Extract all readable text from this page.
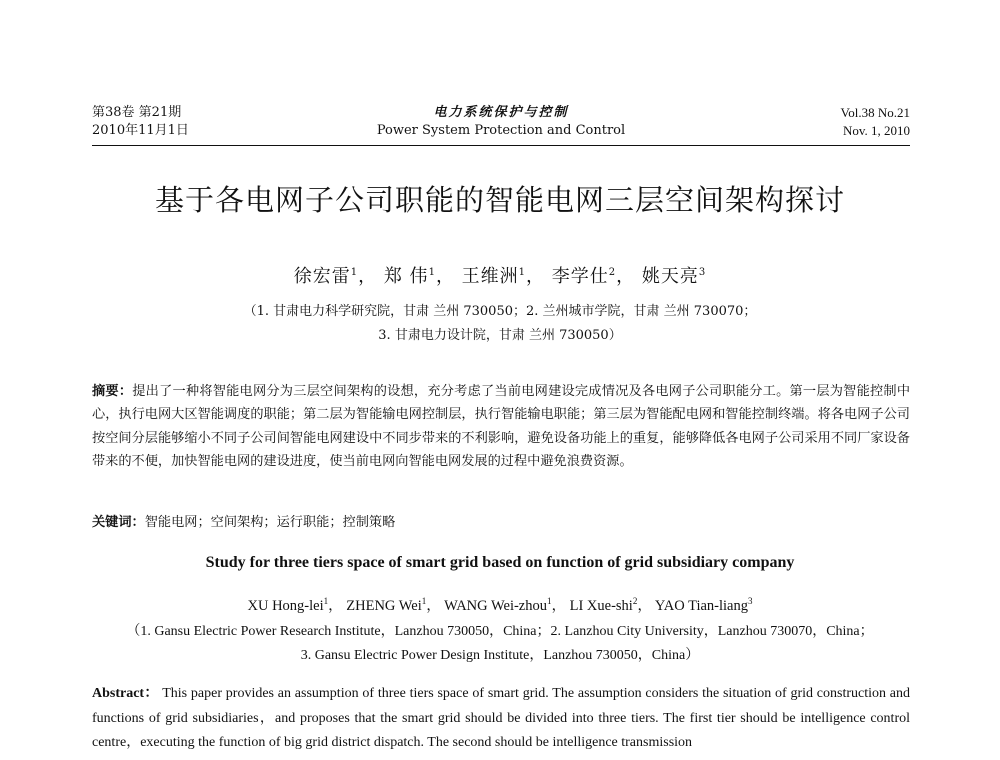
第38卷 第21期
2010年11月1日
电力系统保护与控制
Power System Protection and Control
Vol.38 No.21
Nov. 1, 2010
基于各电网子公司职能的智能电网三层空间架构探讨
徐宏雷$^1$， 郑 伟$^1$， 王维洲$^1$， 李学仕$^2$， 姚天亮$^3$
（1. 甘肃电力科学研究院，甘肃 兰州 730050；2. 兰州城市学院，甘肃 兰州 730070；
3. 甘肃电力设计院，甘肃 兰州 730050）
摘要：提出了一种将智能电网分为三层空间架构的设想，充分考虑了当前电网建设完成情况及各电网子公司职能分工。第一层为智能控制中心，执行电网大区智能调度的职能；第二层为智能输电网控制层，执行智能输电职能；第三层为智能配电网和智能控制终端。将各电网子公司按空间分层能够缩小不同子公司间智能电网建设中不同步带来的不利影响，避免设备功能上的重复，能够降低各电网子公司采用不同厂家设备带来的不便，加快智能电网的建设进度，使当前电网向智能电网发展的过程中避免浪费资源。
关键词：智能电网；空间架构；运行职能；控制策略
Study for three tiers space of smart grid based on function of grid subsidiary company
XU Hong-lei$^1$， ZHENG Wei$^1$， WANG Wei-zhou$^1$， LI Xue-shi$^2$， YAO Tian-liang$^3$
（1. Gansu Electric Power Research Institute，Lanzhou 730050，China；2. Lanzhou City University，Lanzhou 730070，China；
3. Gansu Electric Power Design Institute，Lanzhou 730050，China）
Abstract： This paper provides an assumption of three tiers space of smart grid. The assumption considers the situation of grid construction and functions of grid subsidiaries，and proposes that the smart grid should be divided into three tiers. The first tier should be intelligence control centre，executing the function of big grid district dispatch. The second should be intelligence transmission
